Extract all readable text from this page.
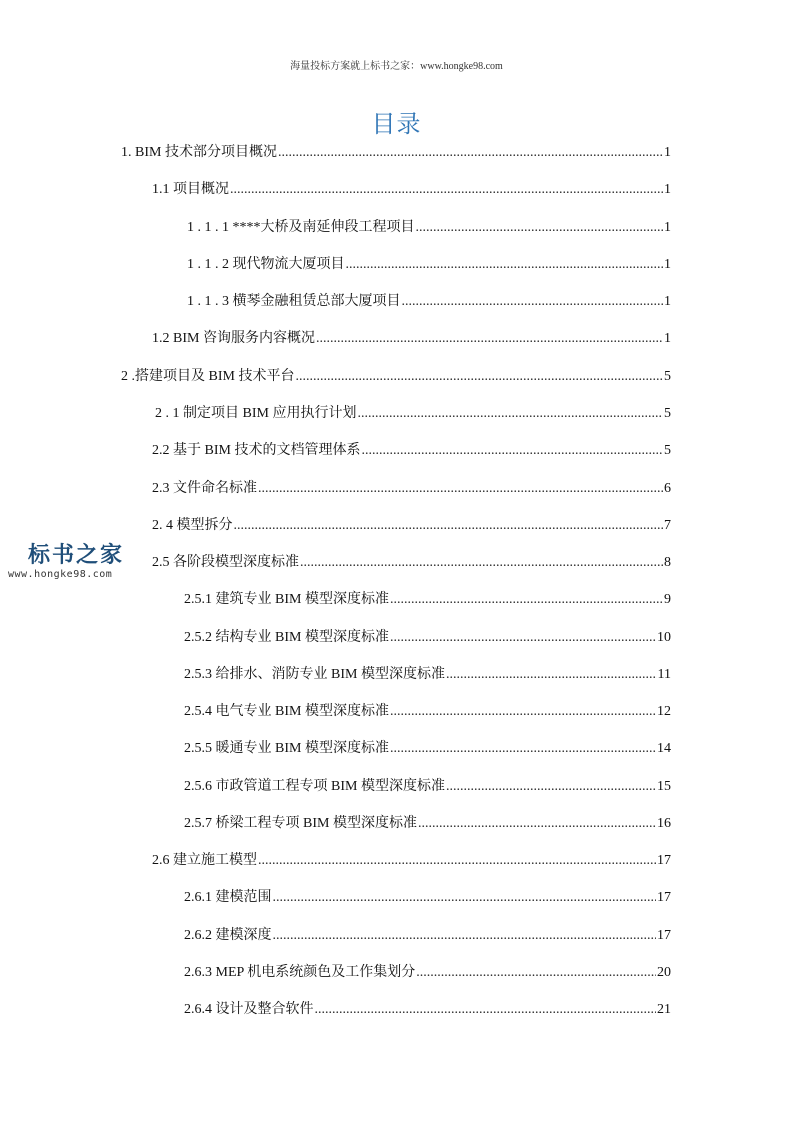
海量投标方案就上标书之家：www.hongke98.com
目录
1. BIM 技术部分项目概况 .....	1
1.1 项目概况 .....	1
1 . 1 . 1 ****大桥及南延伸段工程项目 .....	1
1 . 1 . 2 现代物流大厦项目 .....	1
1 . 1 . 3 横琴金融租赁总部大厦项目 .....	1
1.2 BIM 咨询服务内容概况 .....	1
2 .搭建项目及 BIM 技术平台 .....	5
2 . 1 制定项目 BIM 应用执行计划 .....	5
2.2 基于 BIM 技术的文档管理体系 .....	5
2.3 文件命名标准 .....	6
2. 4 模型拆分 .....	7
2.5 各阶段模型深度标准 .....	8
2.5.1 建筑专业 BIM 模型深度标准 .....	9
2.5.2 结构专业 BIM 模型深度标准 .....	10
2.5.3 给排水、消防专业 BIM 模型深度标准 .....	11
2.5.4 电气专业 BIM 模型深度标准 .....	12
2.5.5 暖通专业 BIM 模型深度标准 .....	14
2.5.6 市政管道工程专项 BIM 模型深度标准 .....	15
2.5.7 桥梁工程专项 BIM 模型深度标准 .....	16
2.6 建立施工模型 .....	17
2.6.1 建模范围 .....	17
2.6.2 建模深度 .....	17
2.6.3 MEP 机电系统颜色及工作集划分 .....	20
2.6.4 设计及整合软件 .....	21
标书之家
www.hongke98.com
